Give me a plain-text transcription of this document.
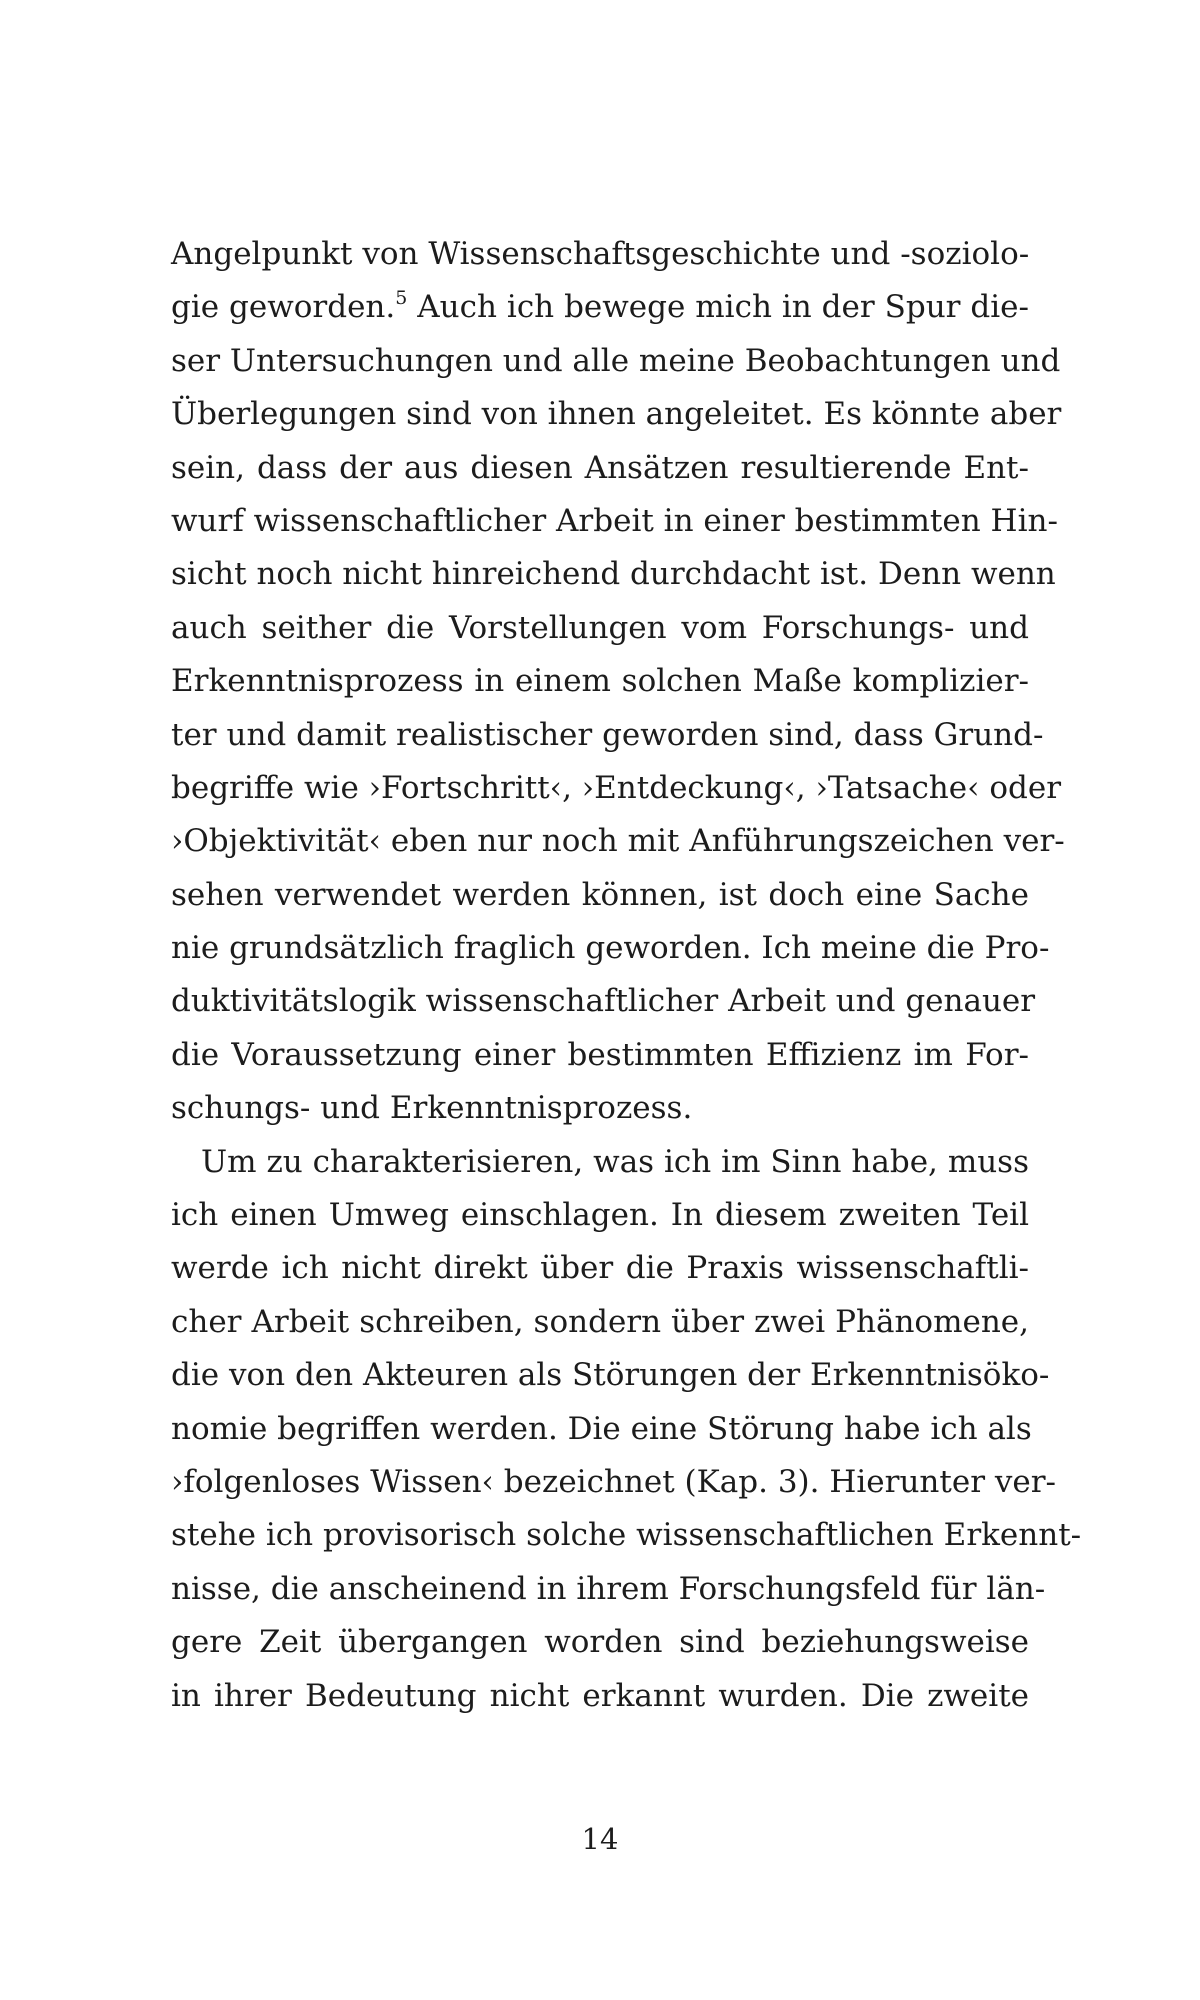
Angelpunkt von Wissenschaftsgeschichte und -soziolo-
gie geworden.$^5$ Auch ich bewege mich in der Spur die-
ser Untersuchungen und alle meine Beobachtungen und
Überlegungen sind von ihnen angeleitet. Es könnte aber
sein, dass der aus diesen Ansätzen resultierende Ent-
wurf wissenschaftlicher Arbeit in einer bestimmten Hin-
sicht noch nicht hinreichend durchdacht ist. Denn wenn
auch seither die Vorstellungen vom Forschungs- und
Erkenntnisprozess in einem solchen Maße komplizier-
ter und damit realistischer geworden sind, dass Grund-
begriffe wie ›Fortschritt‹, ›Entdeckung‹, ›Tatsache‹ oder
›Objektivität‹ eben nur noch mit Anführungszeichen ver-
sehen verwendet werden können, ist doch eine Sache
nie grundsätzlich fraglich geworden. Ich meine die Pro-
duktivitätslogik wissenschaftlicher Arbeit und genauer
die Voraussetzung einer bestimmten Effizienz im For-
schungs- und Erkenntnisprozess.
Um zu charakterisieren, was ich im Sinn habe, muss
ich einen Umweg einschlagen. In diesem zweiten Teil
werde ich nicht direkt über die Praxis wissenschaftli-
cher Arbeit schreiben, sondern über zwei Phänomene,
die von den Akteuren als Störungen der Erkenntnisöko-
nomie begriffen werden. Die eine Störung habe ich als
›folgenloses Wissen‹ bezeichnet (Kap. 3). Hierunter ver-
stehe ich provisorisch solche wissenschaftlichen Erkennt-
nisse, die anscheinend in ihrem Forschungsfeld für län-
gere Zeit übergangen worden sind beziehungsweise
in ihrer Bedeutung nicht erkannt wurden. Die zweite
14
